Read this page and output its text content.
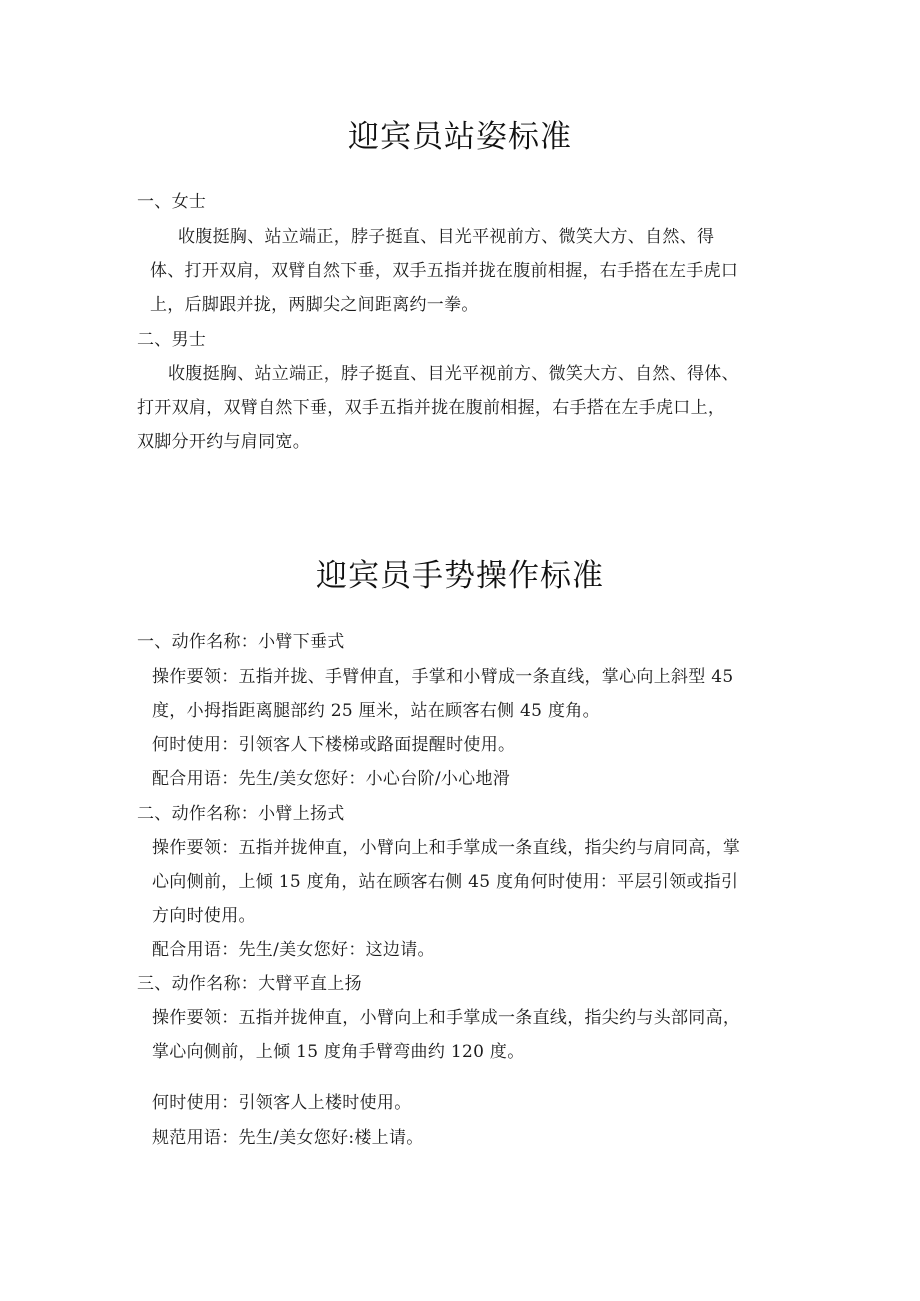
迎宾员站姿标准

一、女士

收腹挺胸、站立端正，脖子挺直、目光平视前方、微笑大方、自然、得

体、打开双肩，双臂自然下垂，双手五指并拢在腹前相握，右手搭在左手虎口

上，后脚跟并拢，两脚尖之间距离约一拳。

二、男士

收腹挺胸、站立端正，脖子挺直、目光平视前方、微笑大方、自然、得体、

打开双肩，双臂自然下垂，双手五指并拢在腹前相握，右手搭在左手虎口上，

双脚分开约与肩同宽。

迎宾员手势操作标准

一、动作名称：小臂下垂式

操作要领：五指并拢、手臂伸直，手掌和小臂成一条直线，掌心向上斜型 45

度，小拇指距离腿部约 25 厘米，站在顾客右侧 45 度角。

何时使用：引领客人下楼梯或路面提醒时使用。

配合用语：先生/美女您好：小心台阶/小心地滑

二、动作名称：小臂上扬式

操作要领：五指并拢伸直，小臂向上和手掌成一条直线，指尖约与肩同高，掌

心向侧前，上倾 15 度角，站在顾客右侧 45 度角何时使用：平层引领或指引

方向时使用。

配合用语：先生/美女您好：这边请。

三、动作名称：大臂平直上扬

操作要领：五指并拢伸直，小臂向上和手掌成一条直线，指尖约与头部同高，

掌心向侧前，上倾 15 度角手臂弯曲约 120 度。

何时使用：引领客人上楼时使用。

规范用语：先生/美女您好:楼上请。
